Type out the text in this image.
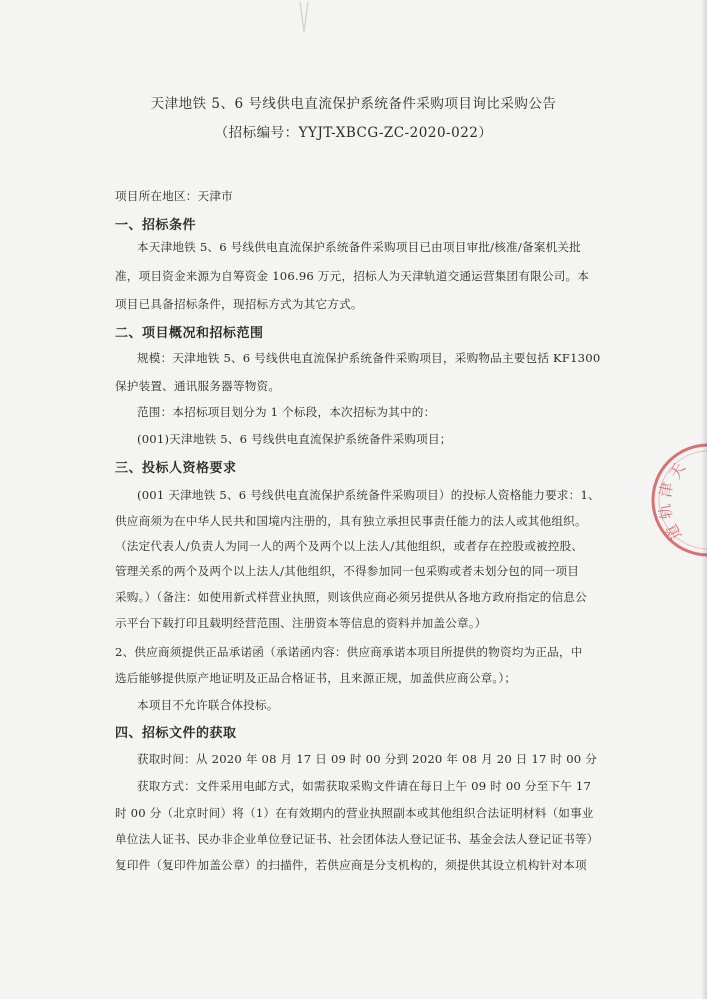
天津地铁 5、6 号线供电直流保护系统备件采购项目询比采购公告
（招标编号：YYJT-XBCG-ZC-2020-022）
项目所在地区：天津市
一、招标条件
本天津地铁 5、6 号线供电直流保护系统备件采购项目已由项目审批/核准/备案机关批
准，项目资金来源为自筹资金 106.96 万元，招标人为天津轨道交通运营集团有限公司。本
项目已具备招标条件，现招标方式为其它方式。
二、项目概况和招标范围
规模：天津地铁 5、6 号线供电直流保护系统备件采购项目，采购物品主要包括 KF1300
保护装置、通讯服务器等物资。
范围：本招标项目划分为 1 个标段，本次招标为其中的：
(001)天津地铁 5、6 号线供电直流保护系统备件采购项目；
三、投标人资格要求
(001 天津地铁 5、6 号线供电直流保护系统备件采购项目）的投标人资格能力要求：1、
供应商须为在中华人民共和国境内注册的，具有独立承担民事责任能力的法人或其他组织。
（法定代表人/负责人为同一人的两个及两个以上法人/其他组织，或者存在控股或被控股、
管理关系的两个及两个以上法人/其他组织，不得参加同一包采购或者未划分包的同一项目
采购。）（备注：如使用新式样营业执照，则该供应商必须另提供从各地方政府指定的信息公
示平台下载打印且载明经营范围、注册资本等信息的资料并加盖公章。）
2、供应商须提供正品承诺函（承诺函内容：供应商承诺本项目所提供的物资均为正品，中
选后能够提供原产地证明及正品合格证书，且来源正规，加盖供应商公章。）；
本项目不允许联合体投标。
四、招标文件的获取
获取时间：从 2020 年 08 月 17 日 09 时 00 分到 2020 年 08 月 20 日 17 时 00 分
获取方式：文件采用电邮方式，如需获取采购文件请在每日上午 09 时 00 分至下午 17
时 00 分（北京时间）将（1）在有效期内的营业执照副本或其他组织合法证明材料（如事业
单位法人证书、民办非企业单位登记证书、社会团体法人登记证书、基金会法人登记证书等）
复印件（复印件加盖公章）的扫描件，若供应商是分支机构的，须提供其设立机构针对本项
天
津
轨
道
